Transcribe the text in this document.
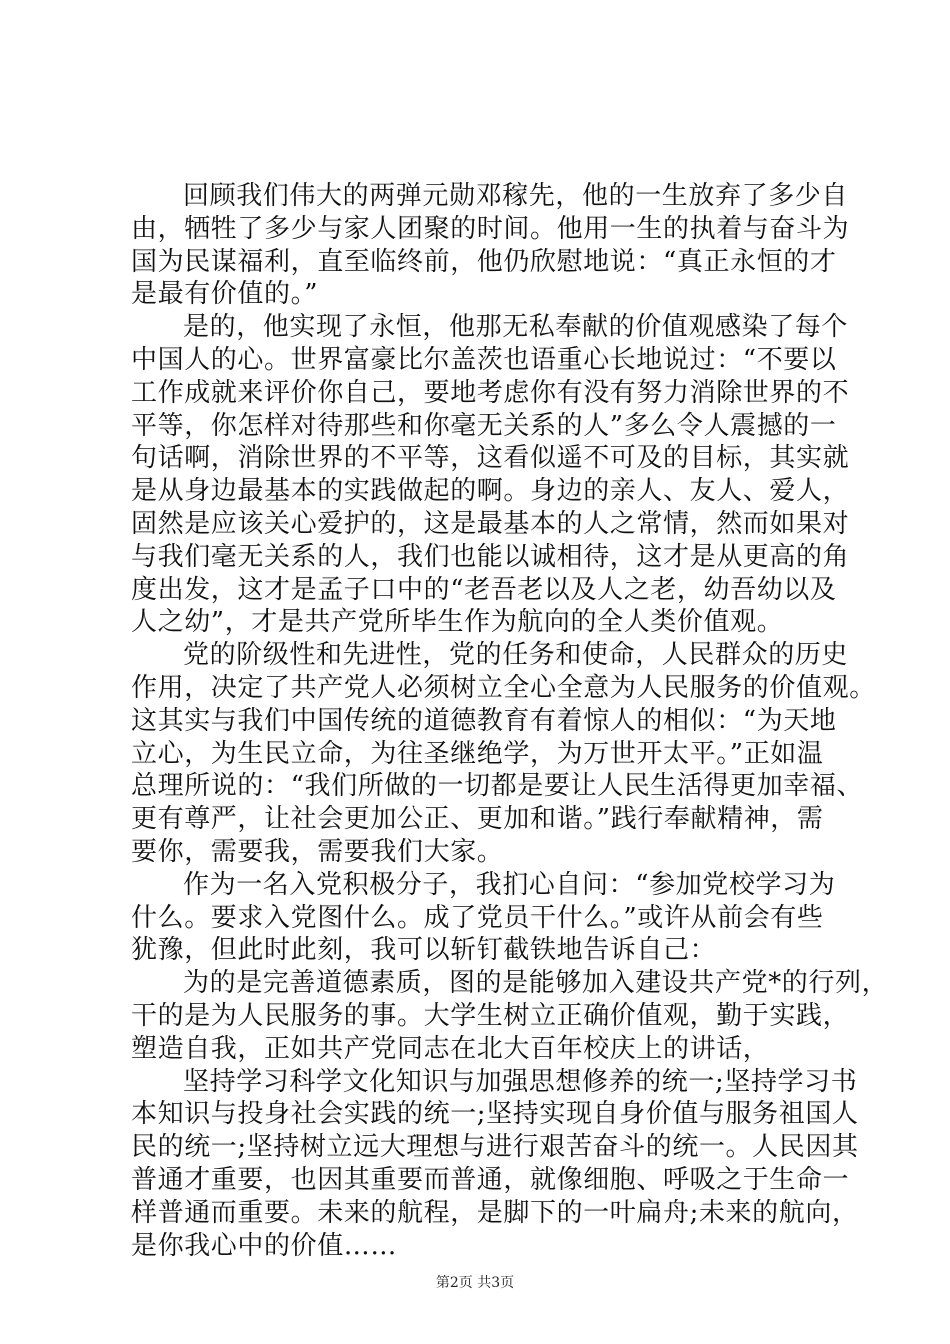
回顾我们伟大的两弹元勋邓稼先，他的一生放弃了多少自
由，牺牲了多少与家人团聚的时间。他用一生的执着与奋斗为
国为民谋福利，直至临终前，他仍欣慰地说：“真正永恒的才
是最有价值的。”
是的，他实现了永恒，他那无私奉献的价值观感染了每个
中国人的心。世界富豪比尔盖茨也语重心长地说过：“不要以
工作成就来评价你自己，要地考虑你有没有努力消除世界的不
平等，你怎样对待那些和你毫无关系的人”多么令人震撼的一
句话啊，消除世界的不平等，这看似遥不可及的目标，其实就
是从身边最基本的实践做起的啊。身边的亲人、友人、爱人，
固然是应该关心爱护的，这是最基本的人之常情，然而如果对
与我们毫无关系的人，我们也能以诚相待，这才是从更高的角
度出发，这才是孟子口中的“老吾老以及人之老，幼吾幼以及
人之幼”，才是共产党所毕生作为航向的全人类价值观。
党的阶级性和先进性，党的任务和使命，人民群众的历史
作用，决定了共产党人必须树立全心全意为人民服务的价值观。
这其实与我们中国传统的道德教育有着惊人的相似：“为天地
立心，为生民立命，为往圣继绝学，为万世开太平。”正如温
总理所说的：“我们所做的一切都是要让人民生活得更加幸福、
更有尊严，让社会更加公正、更加和谐。”践行奉献精神，需
要你，需要我，需要我们大家。
作为一名入党积极分子，我扪心自问：“参加党校学习为
什么。要求入党图什么。成了党员干什么。”或许从前会有些
犹豫，但此时此刻，我可以斩钉截铁地告诉自己：
为的是完善道德素质，图的是能够加入建设共产党*的行列，
干的是为人民服务的事。大学生树立正确价值观，勤于实践，
塑造自我，正如共产党同志在北大百年校庆上的讲话，
坚持学习科学文化知识与加强思想修养的统一;坚持学习书
本知识与投身社会实践的统一;坚持实现自身价值与服务祖国人
民的统一;坚持树立远大理想与进行艰苦奋斗的统一。人民因其
普通才重要，也因其重要而普通，就像细胞、呼吸之于生命一
样普通而重要。未来的航程，是脚下的一叶扁舟;未来的航向，
是你我心中的价值……
第2页 共3页
